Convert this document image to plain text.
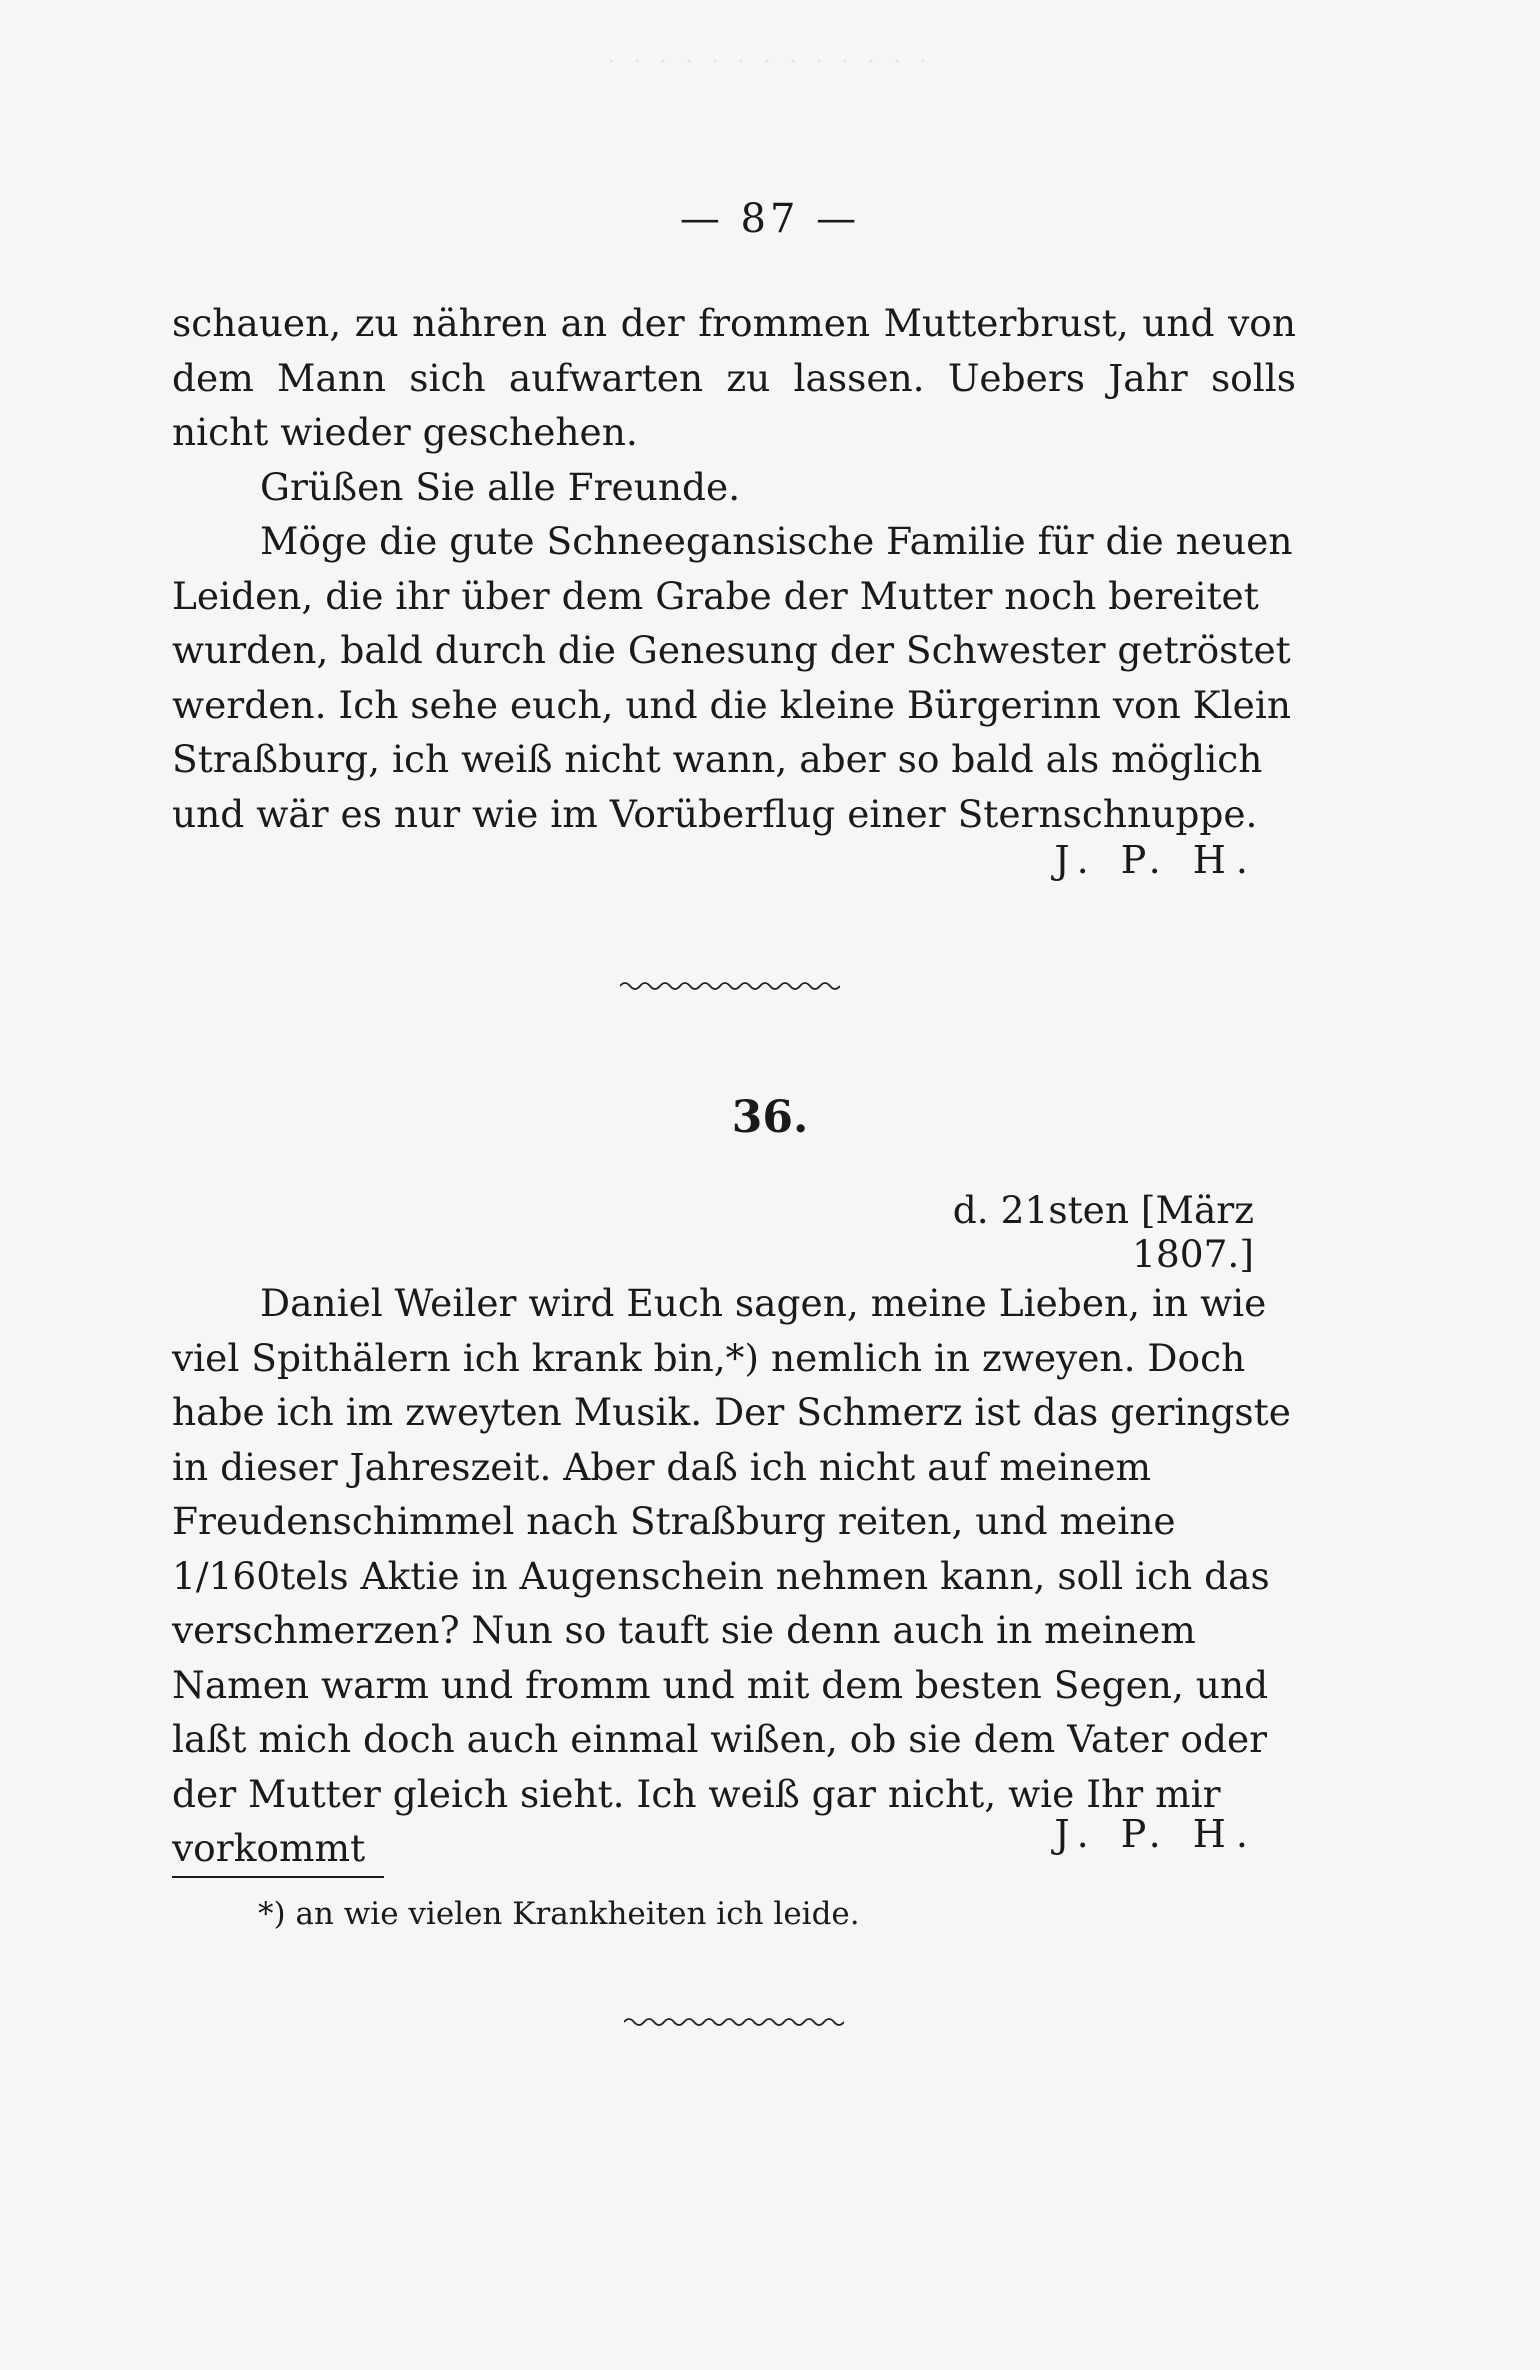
· · · · · · · · · · · · ·
— 87 —

schauen, zu nähren an der frommen Mutterbrust, und von dem Mann sich aufwarten zu lassen. Uebers Jahr solls nicht wieder geschehen.

Grüßen Sie alle Freunde.

Möge die gute Schneegansische Familie für die neuen Leiden, die ihr über dem Grabe der Mutter noch bereitet wurden, bald durch die Genesung der Schwester getröstet werden. Ich sehe euch, und die kleine Bürgerinn von Klein Straßburg, ich weiß nicht wann, aber so bald als möglich und wär es nur wie im Vorüberflug einer Sternschnuppe.

J. P. H.
36.
d. 21sten [März 1807.]

Daniel Weiler wird Euch sagen, meine Lieben, in wie viel Spithälern ich krank bin,*) nemlich in zweyen. Doch habe ich im zweyten Musik. Der Schmerz ist das geringste in dieser Jahreszeit. Aber daß ich nicht auf meinem Freudenschimmel nach Straßburg reiten, und meine 1/160tels Aktie in Augenschein nehmen kann, soll ich das verschmerzen? Nun so tauft sie denn auch in meinem Namen warm und fromm und mit dem besten Segen, und laßt mich doch auch einmal wißen, ob sie dem Vater oder der Mutter gleich sieht. Ich weiß gar nicht, wie Ihr mir vorkommt	J. P. H.
*) an wie vielen Krankheiten ich leide.
